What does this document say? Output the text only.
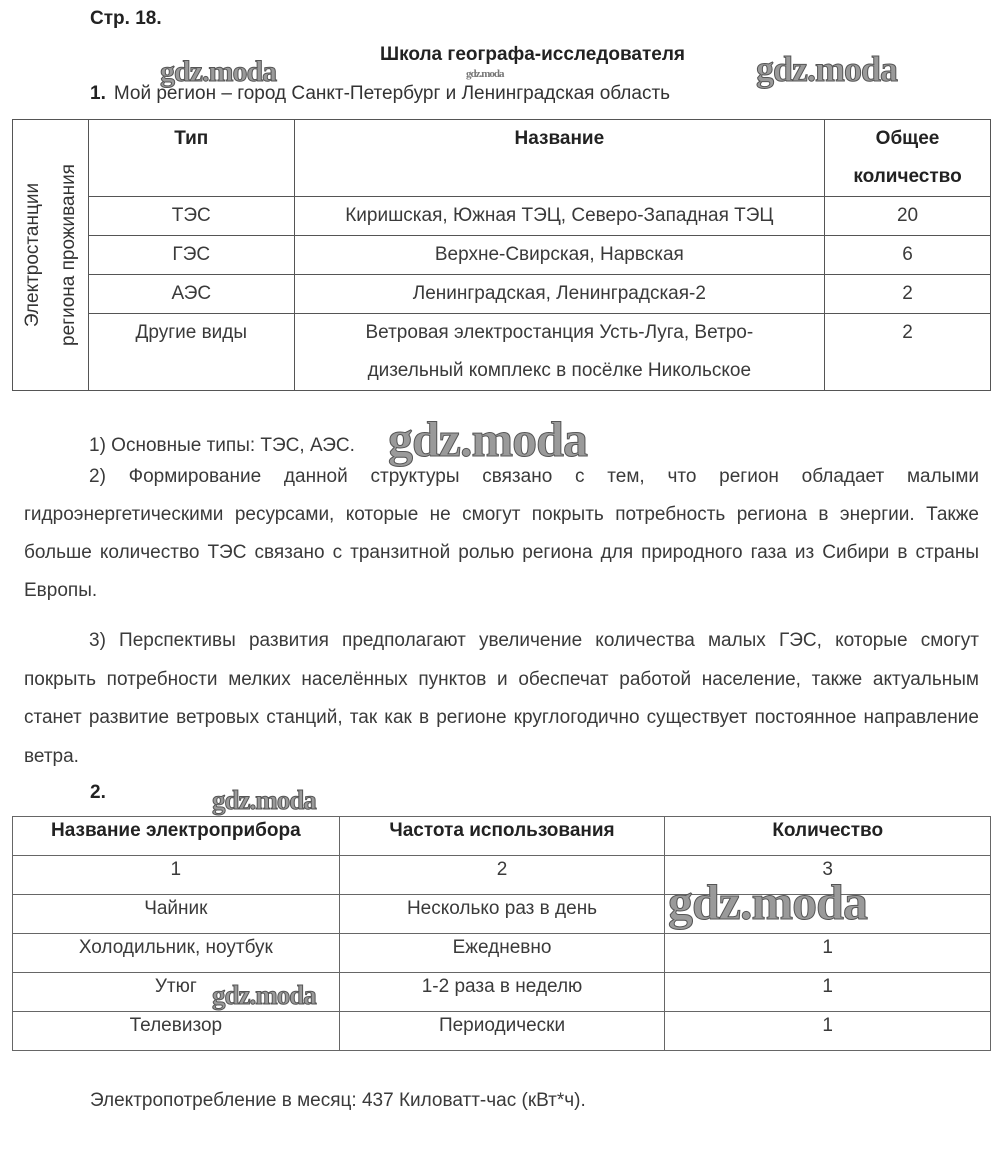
Стр. 18.
Школа географа-исследователя
1. Мой регион – город Санкт-Петербург и Ленинградская область
Электростанции региона проживания
	Тип	Название	Общее
количество

	ТЭС	Киришская, Южная ТЭЦ, Северо-Западная ТЭЦ	20
	ГЭС	Верхне-Свирская, Нарвская	6
	АЭС	Ленинградская, Ленинградская-2	2
	Другие виды	Ветровая электростанция Усть-Луга, Ветро-
дизельный комплекс в посёлке Никольское	2
1) Основные типы: ТЭС, АЭС.
2) Формирование данной структуры связано с тем, что регион обладает малыми гидроэнергетическими ресурсами, которые не смогут покрыть потребность региона в энергии. Также больше количество ТЭС связано с транзитной ролью региона для природного газа из Сибири в страны Европы.
3) Перспективы развития предполагают увеличение количества малых ГЭС, которые смогут покрыть потребности мелких населённых пунктов и обеспечат работой население, также актуальным станет развитие ветровых станций, так как в регионе круглогодично существует постоянное направление ветра.
2.
Название электроприбора	Частота использования	Количество
1	2	3
Чайник	Несколько раз в день	
Холодильник, ноутбук	Ежедневно	1
Утюг	1-2 раза в неделю	1
Телевизор	Периодически	1
Электропотребление в месяц: 437 Киловатт-час (кВт*ч).
gdz.moda	gdz.moda	gdz.moda
gdz.moda
gdz.moda
gdz.moda
gdz.moda
